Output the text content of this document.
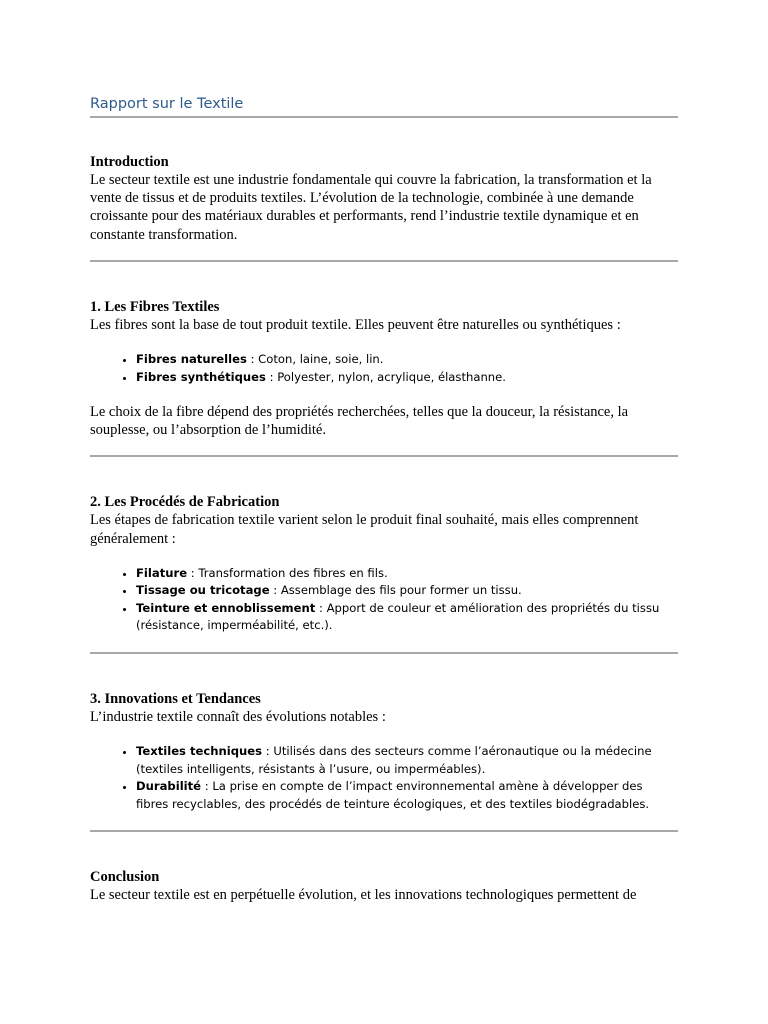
Rapport sur le Textile
Introduction

Le secteur textile est une industrie fondamentale qui couvre la fabrication, la transformation et la vente de tissus et de produits textiles. L’évolution de la technologie, combinée à une demande croissante pour des matériaux durables et performants, rend l’industrie textile dynamique et en constante transformation.

1. Les Fibres Textiles

Les fibres sont la base de tout produit textile. Elles peuvent être naturelles ou synthétiques :

• Fibres naturelles : Coton, laine, soie, lin.
• Fibres synthétiques : Polyester, nylon, acrylique, élasthanne.

Le choix de la fibre dépend des propriétés recherchées, telles que la douceur, la résistance, la souplesse, ou l’absorption de l’humidité.

2. Les Procédés de Fabrication

Les étapes de fabrication textile varient selon le produit final souhaité, mais elles comprennent généralement :

• Filature : Transformation des fibres en fils.
• Tissage ou tricotage : Assemblage des fils pour former un tissu.
• Teinture et ennoblissement : Apport de couleur et amélioration des propriétés du tissu (résistance, imperméabilité, etc.).
3. Innovations et Tendances

L’industrie textile connaît des évolutions notables :

• Textiles techniques : Utilisés dans des secteurs comme l’aéronautique ou la médecine (textiles intelligents, résistants à l’usure, ou imperméables).
• Durabilité : La prise en compte de l’impact environnemental amène à développer des fibres recyclables, des procédés de teinture écologiques, et des textiles biodégradables.
Conclusion

Le secteur textile est en perpétuelle évolution, et les innovations technologiques permettent de
